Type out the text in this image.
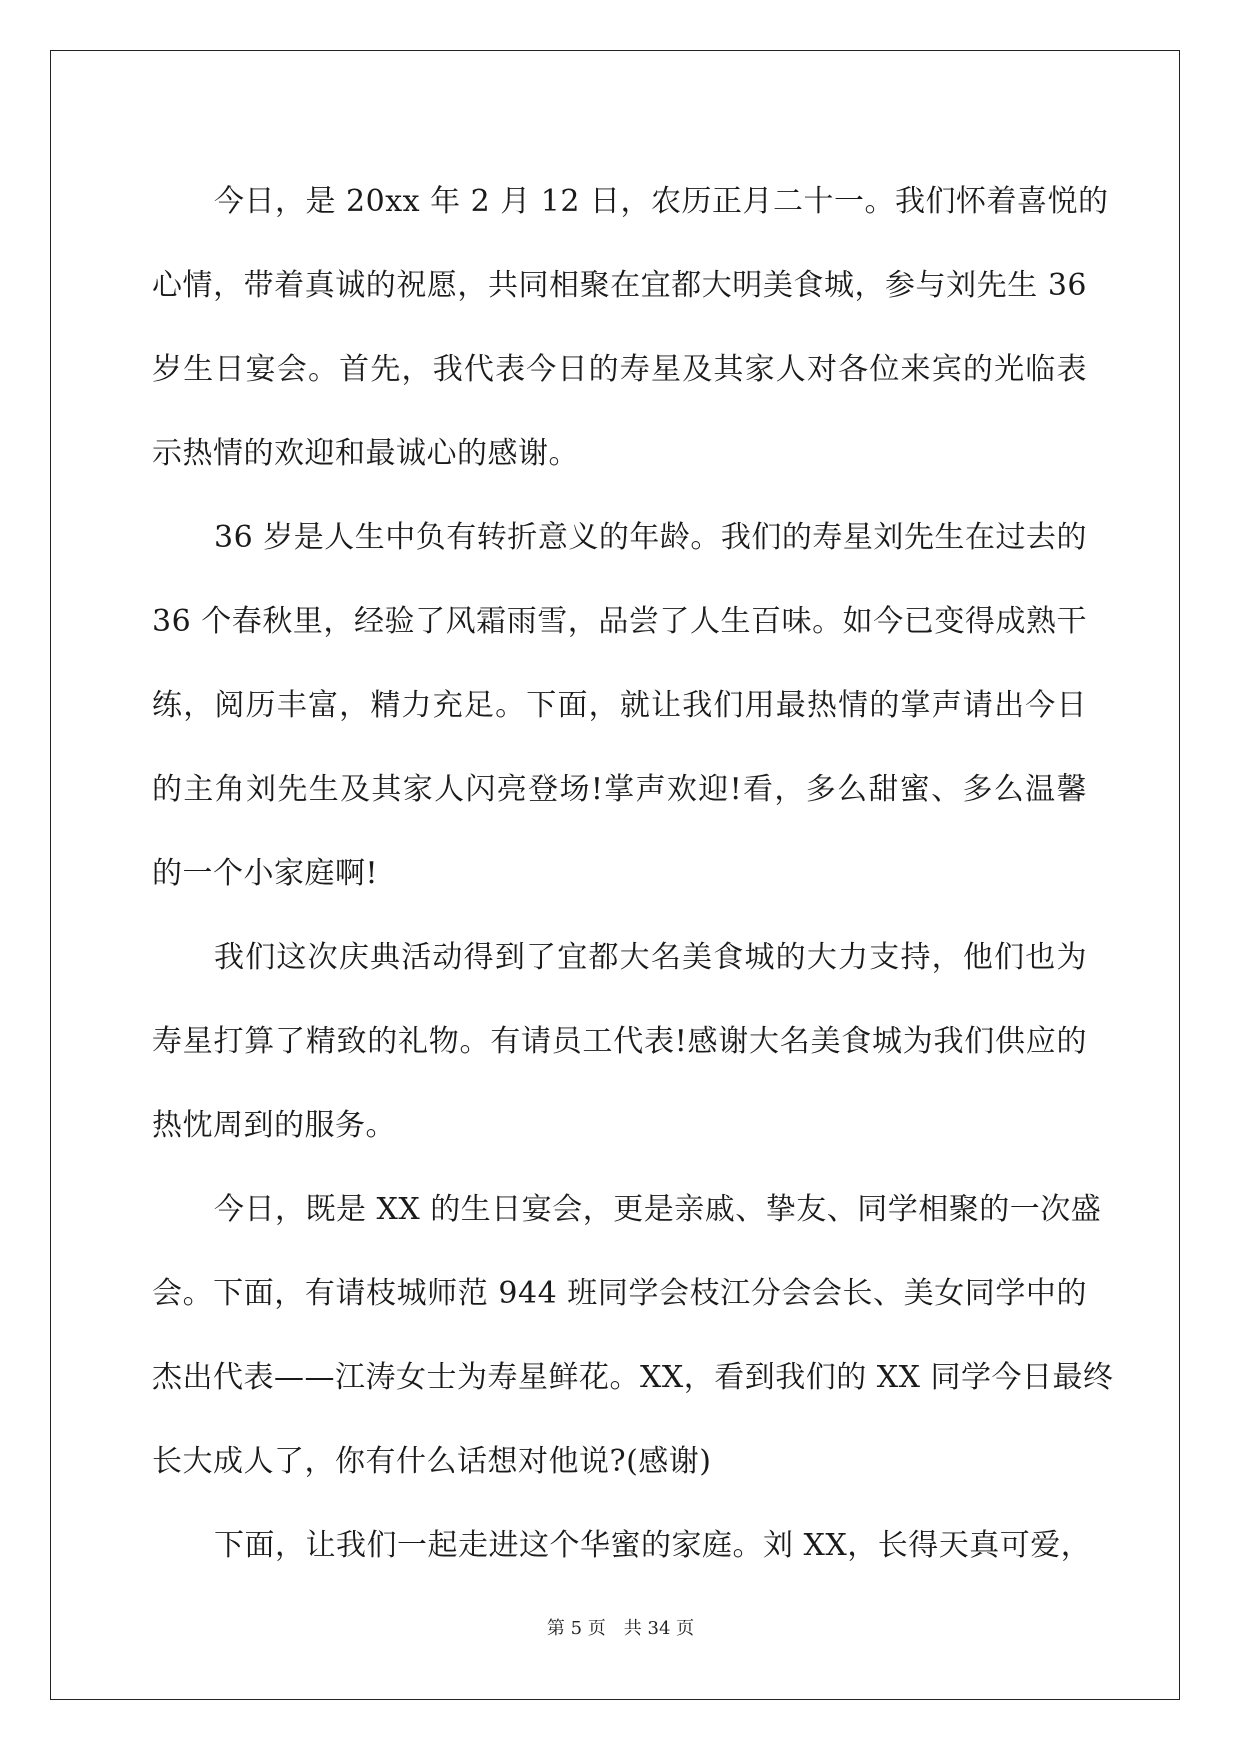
今日，是 20xx 年 2 月 12 日，农历正月二十一。我们怀着喜悦的
心情，带着真诚的祝愿，共同相聚在宜都大明美食城，参与刘先生 36
岁生日宴会。首先，我代表今日的寿星及其家人对各位来宾的光临表
示热情的欢迎和最诚心的感谢。
36 岁是人生中负有转折意义的年龄。我们的寿星刘先生在过去的
36 个春秋里，经验了风霜雨雪，品尝了人生百味。如今已变得成熟干
练，阅历丰富，精力充足。下面，就让我们用最热情的掌声请出今日
的主角刘先生及其家人闪亮登场!掌声欢迎!看，多么甜蜜、多么温馨
的一个小家庭啊!
我们这次庆典活动得到了宜都大名美食城的大力支持，他们也为
寿星打算了精致的礼物。有请员工代表!感谢大名美食城为我们供应的
热忱周到的服务。
今日，既是 XX 的生日宴会，更是亲戚、挚友、同学相聚的一次盛
会。下面，有请枝城师范 944 班同学会枝江分会会长、美女同学中的
杰出代表——江涛女士为寿星鲜花。XX，看到我们的 XX 同学今日最终
长大成人了，你有什么话想对他说?(感谢)
下面，让我们一起走进这个华蜜的家庭。刘 XX，长得天真可爱，
第 5 页 共 34 页
